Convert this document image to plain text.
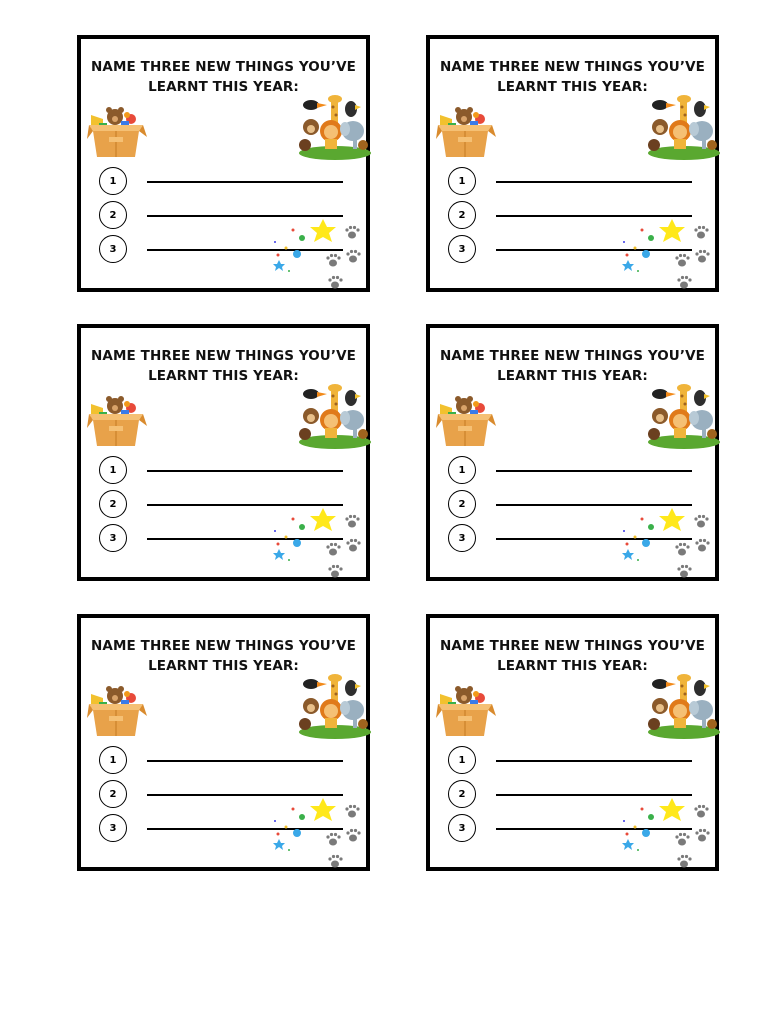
NAME THREE NEW THINGS YOU’VE LEARNT THIS YEAR:
1
2
3
NAME THREE NEW THINGS YOU’VE LEARNT THIS YEAR:
1
2
3
NAME THREE NEW THINGS YOU’VE LEARNT THIS YEAR:
1
2
3
NAME THREE NEW THINGS YOU’VE LEARNT THIS YEAR:
1
2
3
NAME THREE NEW THINGS YOU’VE LEARNT THIS YEAR:
1
2
3
NAME THREE NEW THINGS YOU’VE LEARNT THIS YEAR:
1
2
3
